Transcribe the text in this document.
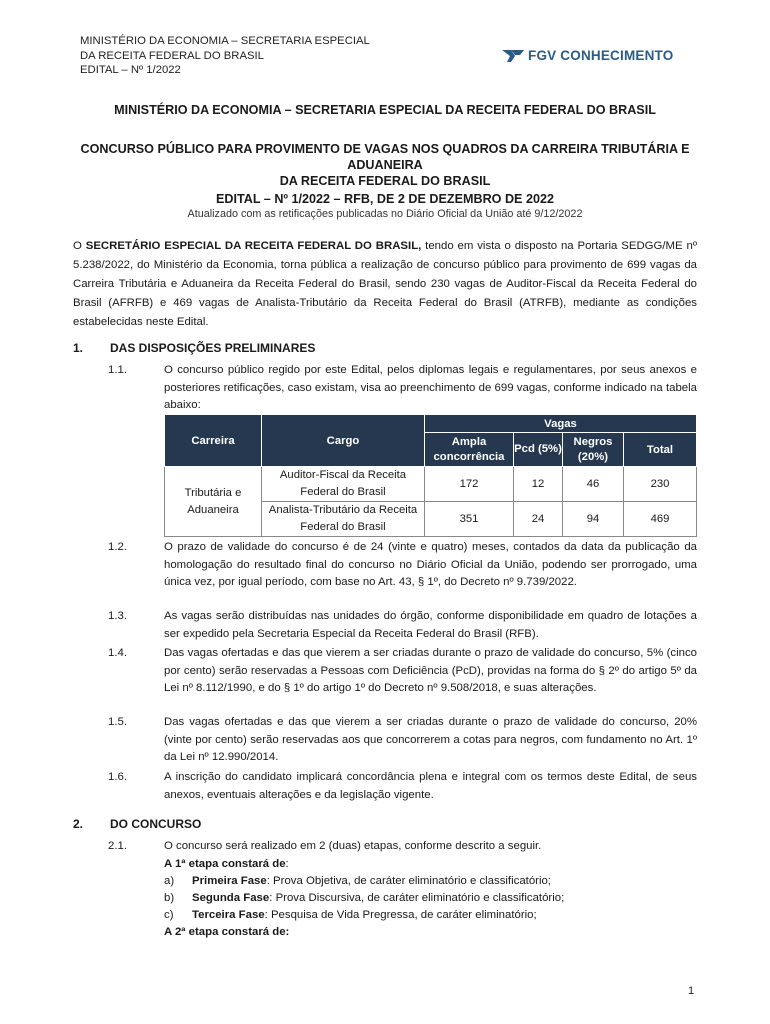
MINISTÉRIO DA ECONOMIA – SECRETARIA ESPECIAL
DA RECEITA FEDERAL DO BRASIL
EDITAL – Nº 1/2022
FGV CONHECIMENTO
MINISTÉRIO DA ECONOMIA – SECRETARIA ESPECIAL DA RECEITA FEDERAL DO BRASIL
CONCURSO PÚBLICO PARA PROVIMENTO DE VAGAS NOS QUADROS DA CARREIRA TRIBUTÁRIA E ADUANEIRA
DA RECEITA FEDERAL DO BRASIL
EDITAL – Nº 1/2022 – RFB, DE 2 DE DEZEMBRO DE 2022
Atualizado com as retificações publicadas no Diário Oficial da União até 9/12/2022
O SECRETÁRIO ESPECIAL DA RECEITA FEDERAL DO BRASIL, tendo em vista o disposto na Portaria SEDGG/ME nº 5.238/2022, do Ministério da Economia, torna pública a realização de concurso público para provimento de 699 vagas da Carreira Tributária e Aduaneira da Receita Federal do Brasil, sendo 230 vagas de Auditor-Fiscal da Receita Federal do Brasil (AFRFB) e 469 vagas de Analista-Tributário da Receita Federal do Brasil (ATRFB), mediante as condições estabelecidas neste Edital.
1. DAS DISPOSIÇÕES PRELIMINARES
1.1.	O concurso público regido por este Edital, pelos diplomas legais e regulamentares, por seus anexos e posteriores retificações, caso existam, visa ao preenchimento de 699 vagas, conforme indicado na tabela abaixo:
Carreira	Cargo	Vagas			
		Ampla concorrência	Pcd (5%)	Negros (20%)	Total
Tributária e Aduaneira	Auditor-Fiscal da Receita Federal do Brasil	172	12	46	230
	Analista-Tributário da Receita Federal do Brasil	351	24	94	469
1.2.	O prazo de validade do concurso é de 24 (vinte e quatro) meses, contados da data da publicação da homologação do resultado final do concurso no Diário Oficial da União, podendo ser prorrogado, uma única vez, por igual período, com base no Art. 43, § 1º, do Decreto nº 9.739/2022.
1.3.	As vagas serão distribuídas nas unidades do órgão, conforme disponibilidade em quadro de lotações a ser expedido pela Secretaria Especial da Receita Federal do Brasil (RFB).
1.4.	Das vagas ofertadas e das que vierem a ser criadas durante o prazo de validade do concurso, 5% (cinco por cento) serão reservadas a Pessoas com Deficiência (PcD), providas na forma do § 2º do artigo 5º da Lei nº 8.112/1990, e do § 1º do artigo 1º do Decreto nº 9.508/2018, e suas alterações.
1.5.	Das vagas ofertadas e das que vierem a ser criadas durante o prazo de validade do concurso, 20% (vinte por cento) serão reservadas aos que concorrerem a cotas para negros, com fundamento no Art. 1º da Lei nº 12.990/2014.
1.6.	A inscrição do candidato implicará concordância plena e integral com os termos deste Edital, de seus anexos, eventuais alterações e da legislação vigente.
2. DO CONCURSO
2.1.	O concurso será realizado em 2 (duas) etapas, conforme descrito a seguir.
A 1ª etapa constará de:
a) Primeira Fase: Prova Objetiva, de caráter eliminatório e classificatório;
b) Segunda Fase: Prova Discursiva, de caráter eliminatório e classificatório;
c) Terceira Fase: Pesquisa de Vida Pregressa, de caráter eliminatório;
A 2ª etapa constará de:
1
